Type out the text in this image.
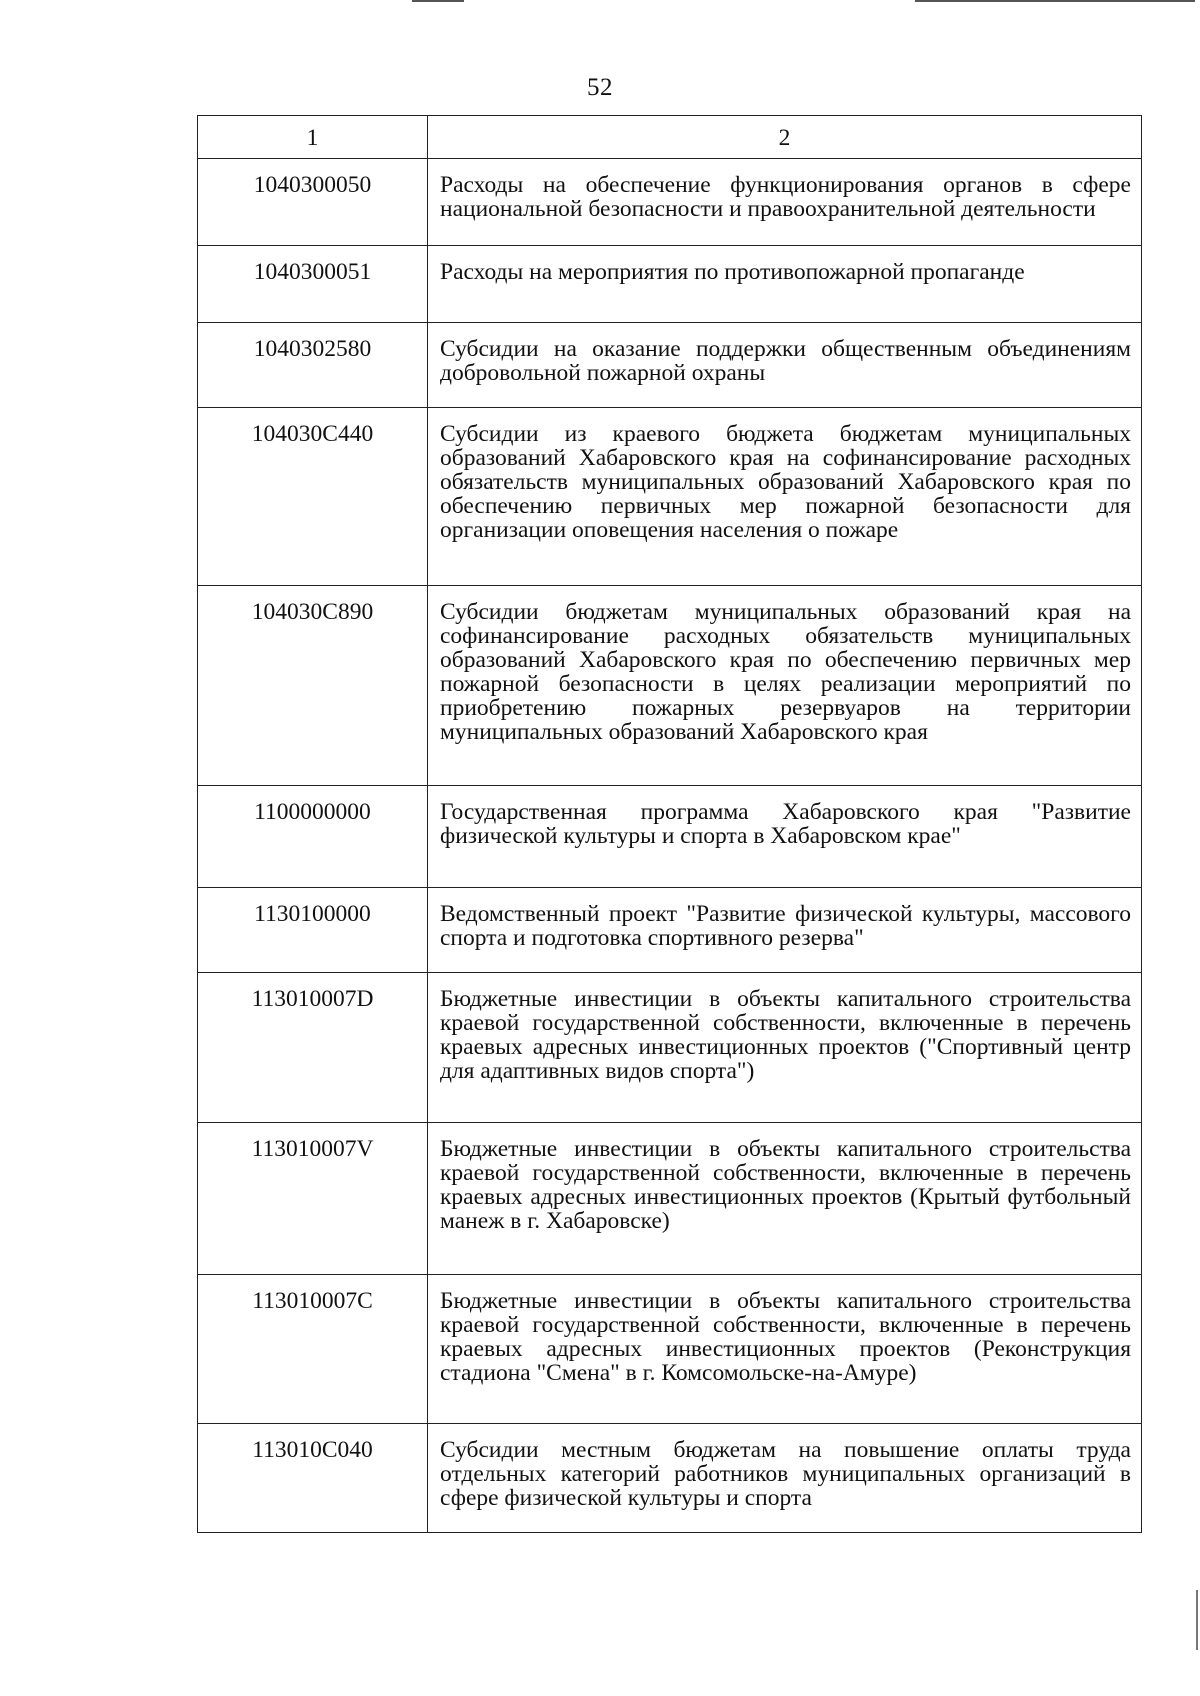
52
1	2
1040300050	Расходы на обеспечение функционирования органов в сфере национальной безопасности и правоохранительной деятельности
1040300051	Расходы на мероприятия по противопожарной пропаганде
1040302580	Субсидии на оказание поддержки общественным объединениям добровольной пожарной охраны
104030С440	Субсидии из краевого бюджета бюджетам муниципальных образований Хабаровского края на софинансирование расходных обязательств муниципальных образований Хабаровского края по обеспечению первичных мер пожарной безопасности для организации оповещения населения о пожаре
104030С890	Субсидии бюджетам муниципальных образований края на софинансирование расходных обязательств муниципальных образований Хабаровского края по обеспечению первичных мер пожарной безопасности в целях реализации мероприятий по приобретению пожарных резервуаров на территории муниципальных образований Хабаровского края
1100000000	Государственная программа Хабаровского края "Развитие физической культуры и спорта в Хабаровском крае"
1130100000	Ведомственный проект "Развитие физической культуры, массового спорта и подготовка спортивного резерва"
113010007D	Бюджетные инвестиции в объекты капитального строительства краевой государственной собственности, включенные в перечень краевых адресных инвестиционных проектов ("Спортивный центр для адаптивных видов спорта")
113010007V	Бюджетные инвестиции в объекты капитального строительства краевой государственной собственности, включенные в перечень краевых адресных инвестиционных проектов (Крытый футбольный манеж в г. Хабаровске)
113010007C	Бюджетные инвестиции в объекты капитального строительства краевой государственной собственности, включенные в перечень краевых адресных инвестиционных проектов (Реконструкция стадиона "Смена" в г. Комсомольске-на-Амуре)
113010С040	Субсидии местным бюджетам на повышение оплаты труда отдельных категорий работников муниципальных организаций в сфере физической культуры и спорта
